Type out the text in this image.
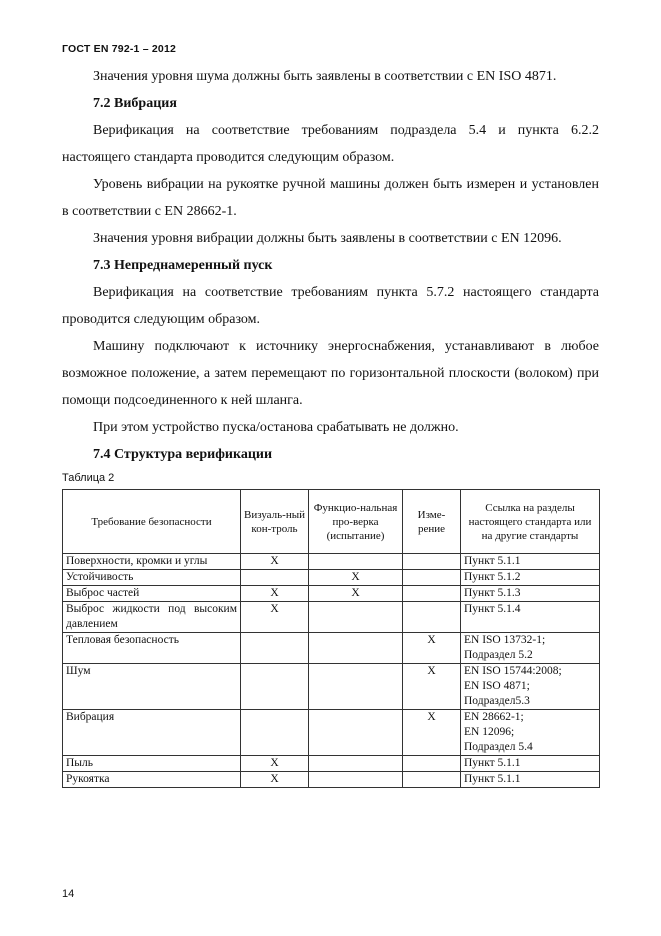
ГОСТ EN 792-1 – 2012

Значения уровня шума должны быть заявлены в соответствии с EN ISO 4871.

7.2 Вибрация

Верификация на соответствие требованиям подраздела 5.4 и пункта 6.2.2 настоящего стандарта проводится следующим образом.

Уровень вибрации на рукоятке ручной машины должен быть измерен и установлен в соответствии с EN 28662-1.

Значения уровня вибрации должны быть заявлены в соответствии с EN 12096.

7.3 Непреднамеренный пуск

Верификация на соответствие требованиям пункта 5.7.2 настоящего стандарта проводится следующим образом.

Машину подключают к источнику энергоснабжения, устанавливают в любое возможное положение, а затем перемещают по горизонтальной плоскости (волоком) при помощи подсоединенного к ней шланга.

При этом устройство пуска/останова срабатывать не должно.

7.4 Структура верификации
Таблица 2
Требование безопасности	Визуаль-ный кон-троль	Функцио-нальная про-верка (испытание)	Изме-рение	Ссылка на разделы настоящего стандарта или на другие стандарты
Поверхности, кромки и углы	X			Пункт 5.1.1

Устойчивость		X		Пункт 5.1.2

Выброс частей	X	X		Пункт 5.1.3

Выброс жидкости под высоким давлением	X			Пункт 5.1.4

Тепловая безопасность			X	EN ISO 13732-1;
Подраздел 5.2

Шум			X	EN ISO 15744:2008;
EN ISO 4871;
Подраздел5.3

Вибрация			X	EN 28662-1;
EN 12096;
Подраздел 5.4

Пыль	X			Пункт 5.1.1

Рукоятка	X			Пункт 5.1.1
14
